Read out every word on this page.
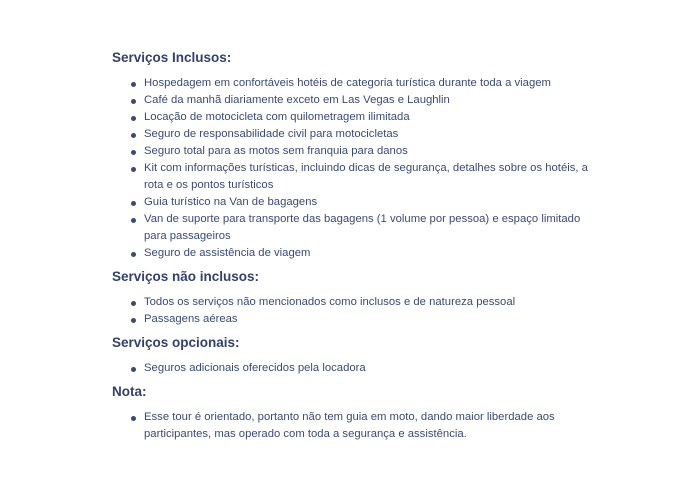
Serviços Inclusos:
Hospedagem em confortáveis hotéis de categoria turística durante toda a viagem
Café da manhã diariamente exceto em Las Vegas e Laughlin
Locação de motocicleta com quilometragem ilimitada
Seguro de responsabilidade civil para motocicletas
Seguro total para as motos sem franquia para danos
Kit com informações turísticas, incluindo dicas de segurança, detalhes sobre os hotéis, a rota e os pontos turísticos
Guia turístico na Van de bagagens
Van de suporte para transporte das bagagens (1 volume por pessoa) e espaço limitado para passageiros
Seguro de assistência de viagem
Serviços não inclusos:
Todos os serviços não mencionados como inclusos e de natureza pessoal
Passagens aéreas
Serviços opcionais:
Seguros adicionais oferecidos pela locadora
Nota:
Esse tour é orientado, portanto não tem guia em moto, dando maior liberdade aos participantes, mas operado com toda a segurança e assistência.
